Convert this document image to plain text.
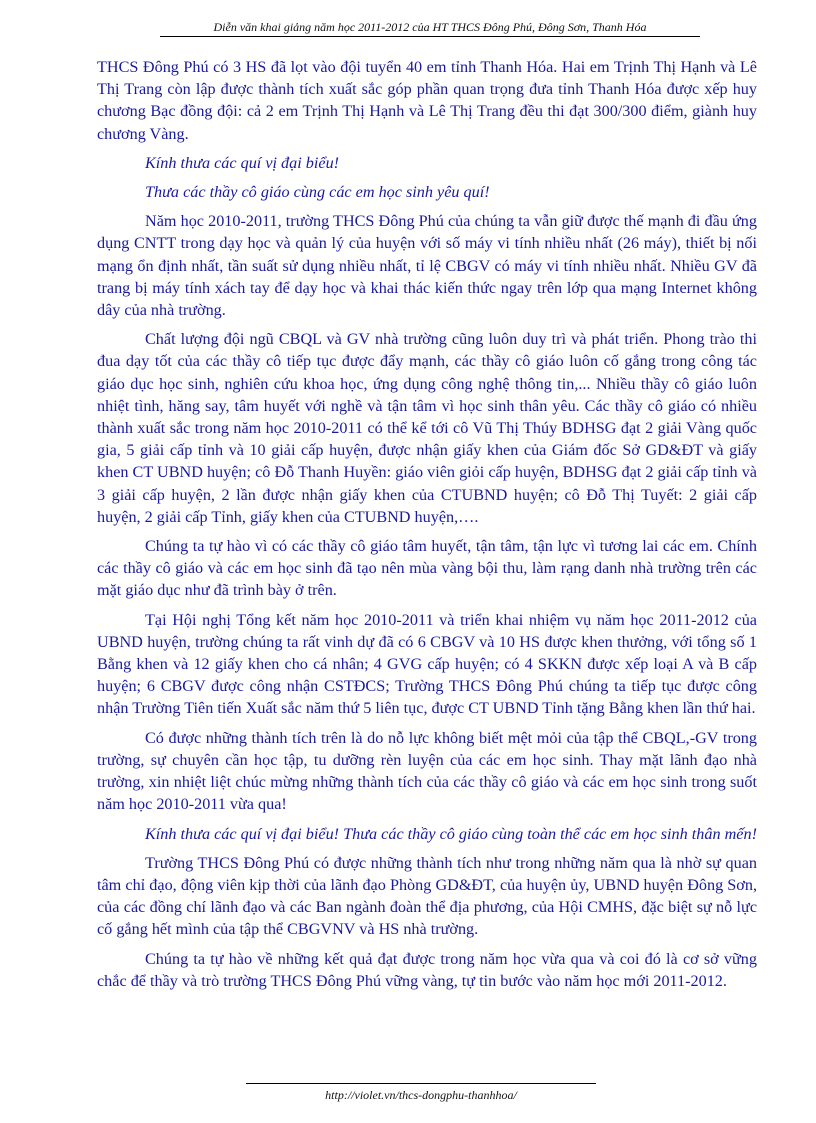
Diễn văn khai giảng năm học 2011-2012 của HT THCS Đông Phú, Đông Sơn, Thanh Hóa

THCS Đông Phú có 3 HS đã lọt vào đội tuyển 40 em tỉnh Thanh Hóa. Hai em Trịnh Thị Hạnh và Lê Thị Trang còn lập được thành tích xuất sắc góp phần quan trọng đưa tỉnh Thanh Hóa được xếp huy chương Bạc đồng đội: cả 2 em Trịnh Thị Hạnh và Lê Thị Trang đều thi đạt 300/300 điểm, giành huy chương Vàng.

Kính thưa các quí vị đại biểu!

Thưa các thầy cô giáo cùng các em học sinh yêu quí!

Năm học 2010-2011, trường THCS Đông Phú của chúng ta vẫn giữ được thế mạnh đi đầu ứng dụng CNTT trong dạy học và quản lý của huyện với số máy vi tính nhiều nhất (26 máy), thiết bị nối mạng ổn định nhất, tần suất sử dụng nhiều nhất, tỉ lệ CBGV có máy vi tính nhiều nhất. Nhiều GV đã trang bị máy tính xách tay để dạy học và khai thác kiến thức ngay trên lớp qua mạng Internet không dây của nhà trường.

Chất lượng đội ngũ CBQL và GV nhà trường cũng luôn duy trì và phát triển. Phong trào thi đua dạy tốt của các thầy cô tiếp tục được đẩy mạnh, các thầy cô giáo luôn cố gắng trong công tác giáo dục học sinh, nghiên cứu khoa học, ứng dụng công nghệ thông tin,... Nhiều thầy cô giáo luôn nhiệt tình, hăng say, tâm huyết với nghề và tận tâm vì học sinh thân yêu. Các thầy cô giáo có nhiều thành xuất sắc trong năm học 2010-2011 có thể kể tới cô Vũ Thị Thúy BDHSG đạt 2 giải Vàng quốc gia, 5 giải cấp tỉnh và 10 giải cấp huyện, được nhận giấy khen của Giám đốc Sở GD&ĐT và giấy khen CT UBND huyện; cô Đỗ Thanh Huyền: giáo viên giỏi cấp huyện, BDHSG đạt 2 giải cấp tỉnh và 3 giải cấp huyện, 2 lần được nhận giấy khen của CTUBND huyện; cô Đỗ Thị Tuyết: 2 giải cấp huyện, 2 giải cấp Tỉnh, giấy khen của CTUBND huyện,….

Chúng ta tự hào vì có các thầy cô giáo tâm huyết, tận tâm, tận lực vì tương lai các em. Chính các thầy cô giáo và các em học sinh đã tạo nên mùa vàng bội thu, làm rạng danh nhà trường trên các mặt giáo dục như đã trình bày ở trên.

Tại Hội nghị Tổng kết năm học 2010-2011 và triển khai nhiệm vụ năm học 2011-2012 của UBND huyện, trường chúng ta rất vinh dự đã có 6 CBGV và 10 HS được khen thưởng, với tổng số 1 Bằng khen và 12 giấy khen cho cá nhân; 4 GVG cấp huyện; có 4 SKKN được xếp loại A và B cấp huyện; 6 CBGV được công nhận CSTĐCS; Trường THCS Đông Phú chúng ta tiếp tục được công nhận Trường Tiên tiến Xuất sắc năm thứ 5 liên tục, được CT UBND Tỉnh tặng Bằng khen lần thứ hai.

Có được những thành tích trên là do nỗ lực không biết mệt mỏi của tập thể CBQL,-GV trong trường, sự chuyên cần học tập, tu dưỡng rèn luyện của các em học sinh. Thay mặt lãnh đạo nhà trường, xin nhiệt liệt chúc mừng những thành tích của các thầy cô giáo và các em học sinh trong suốt năm học 2010-2011 vừa qua!

Kính thưa các quí vị đại biểu! Thưa các thầy cô giáo cùng toàn thể các em học sinh thân mến!

Trường THCS Đông Phú có được những thành tích như trong những năm qua là nhờ sự quan tâm chỉ đạo, động viên kịp thời của lãnh đạo Phòng GD&ĐT, của huyện ủy, UBND huyện Đông Sơn, của các đồng chí lãnh đạo và các Ban ngành đoàn thể địa phương, của Hội CMHS, đặc biệt sự nỗ lực cố gắng hết mình của tập thể CBGVNV và HS nhà trường.

Chúng ta tự hào về những kết quả đạt được trong năm học vừa qua và coi đó là cơ sở vững chắc để thầy và trò trường THCS Đông Phú vững vàng, tự tin bước vào năm học mới 2011-2012.

http://violet.vn/thcs-dongphu-thanhhoa/
